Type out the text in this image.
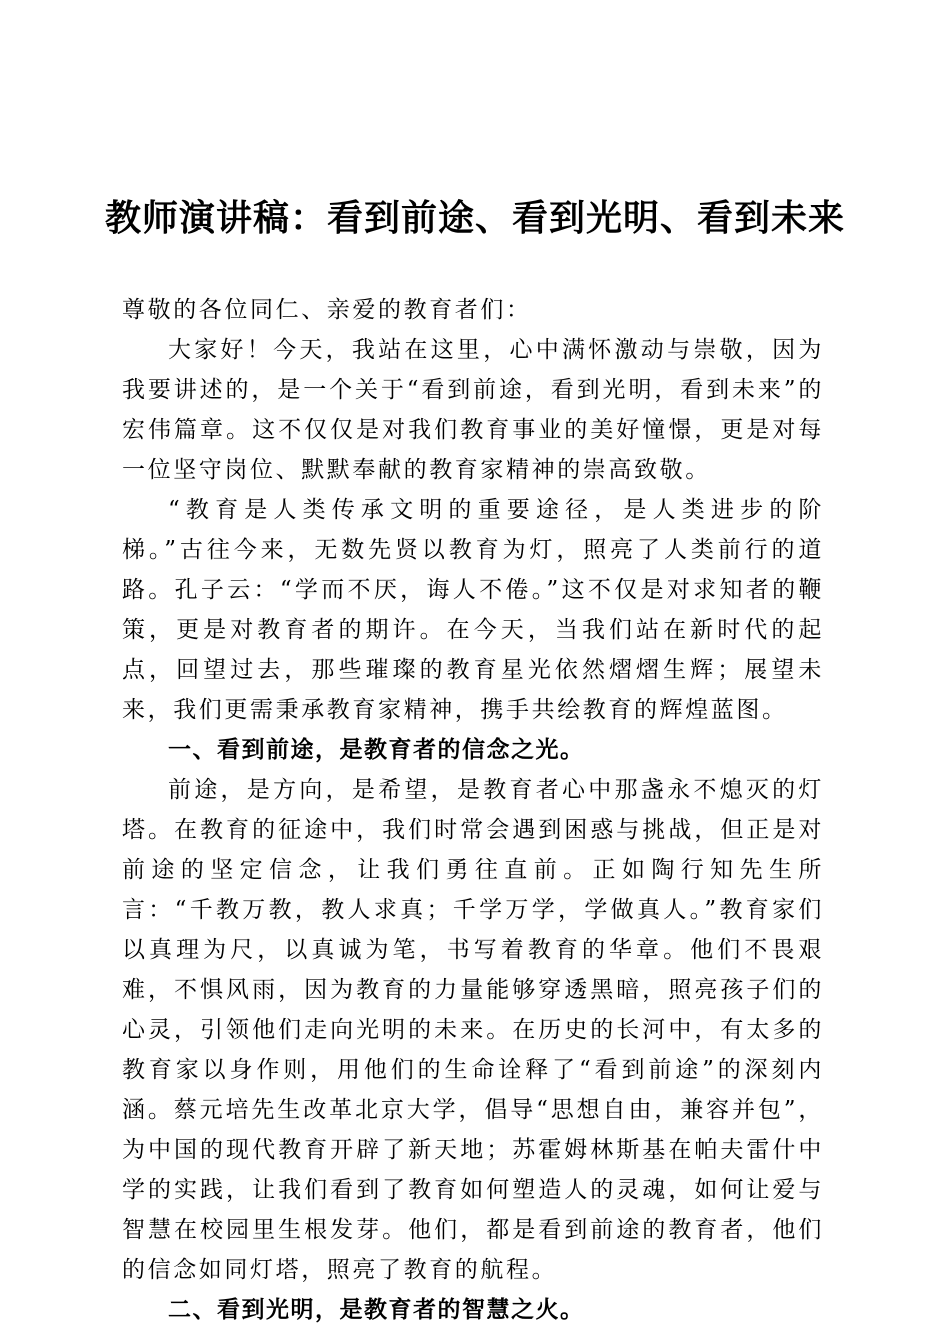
教师演讲稿：看到前途、看到光明、看到未来

尊敬的各位同仁、亲爱的教育者们：

大家好！今天，我站在这里，心中满怀激动与崇敬，因为我要讲述的，是一个关于“看到前途，看到光明，看到未来”的宏伟篇章。这不仅仅是对我们教育事业的美好憧憬，更是对每一位坚守岗位、默默奉献的教育家精神的崇高致敬。

“教育是人类传承文明的重要途径，是人类进步的阶梯。”古往今来，无数先贤以教育为灯，照亮了人类前行的道路。孔子云：“学而不厌，诲人不倦。”这不仅是对求知者的鞭策，更是对教育者的期许。在今天，当我们站在新时代的起点，回望过去，那些璀璨的教育星光依然熠熠生辉；展望未来，我们更需秉承教育家精神，携手共绘教育的辉煌蓝图。

一、看到前途，是教育者的信念之光。

前途，是方向，是希望，是教育者心中那盏永不熄灭的灯塔。在教育的征途中，我们时常会遇到困惑与挑战，但正是对前途的坚定信念，让我们勇往直前。正如陶行知先生所言：“千教万教，教人求真；千学万学，学做真人。”教育家们以真理为尺，以真诚为笔，书写着教育的华章。他们不畏艰难，不惧风雨，因为教育的力量能够穿透黑暗，照亮孩子们的心灵，引领他们走向光明的未来。在历史的长河中，有太多的教育家以身作则，用他们的生命诠释了“看到前途”的深刻内涵。蔡元培先生改革北京大学，倡导“思想自由，兼容并包”，为中国的现代教育开辟了新天地；苏霍姆林斯基在帕夫雷什中学的实践，让我们看到了教育如何塑造人的灵魂，如何让爱与智慧在校园里生根发芽。他们，都是看到前途的教育者，他们的信念如同灯塔，照亮了教育的航程。

二、看到光明，是教育者的智慧之火。
